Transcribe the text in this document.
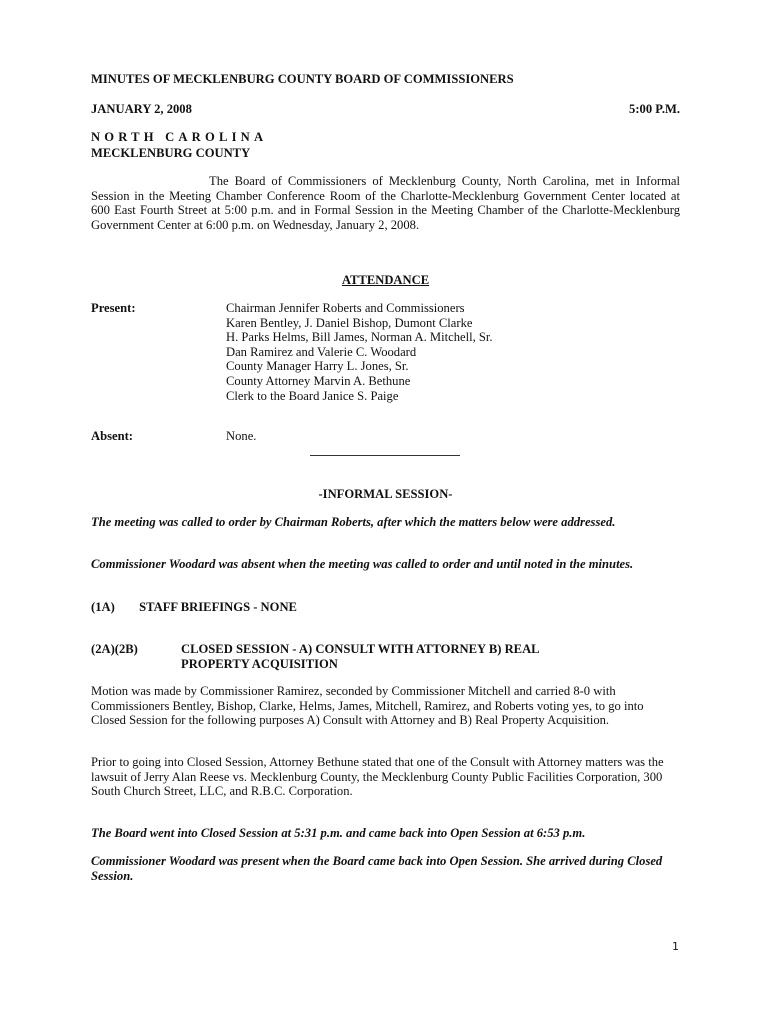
MINUTES OF MECKLENBURG COUNTY BOARD OF COMMISSIONERS
JANUARY 2, 2008	5:00 P.M.
NORTH CAROLINA
MECKLENBURG COUNTY
The Board of Commissioners of Mecklenburg County, North Carolina, met in Informal Session in the Meeting Chamber Conference Room of the Charlotte-Mecklenburg Government Center located at 600 East Fourth Street at 5:00 p.m. and in Formal Session in the Meeting Chamber of the Charlotte-Mecklenburg Government Center at 6:00 p.m. on Wednesday, January 2, 2008.
ATTENDANCE
Present:	Chairman Jennifer Roberts and Commissioners
Karen Bentley, J. Daniel Bishop, Dumont Clarke
H. Parks Helms, Bill James, Norman A. Mitchell, Sr.
Dan Ramirez and Valerie C. Woodard
County Manager Harry L. Jones, Sr.
County Attorney Marvin A. Bethune
Clerk to the Board Janice S. Paige
Absent:	None.
-INFORMAL SESSION-
The meeting was called to order by Chairman Roberts, after which the matters below were addressed.
Commissioner Woodard was absent when the meeting was called to order and until noted in the minutes.
(1A) STAFF BRIEFINGS - NONE
(2A)(2B)	CLOSED SESSION - A) CONSULT WITH ATTORNEY B) REAL
PROPERTY ACQUISITION
Motion was made by Commissioner Ramirez, seconded by Commissioner Mitchell and carried 8-0 with Commissioners Bentley, Bishop, Clarke, Helms, James, Mitchell, Ramirez, and Roberts voting yes, to go into Closed Session for the following purposes A) Consult with Attorney and B) Real Property Acquisition.
Prior to going into Closed Session, Attorney Bethune stated that one of the Consult with Attorney matters was the lawsuit of Jerry Alan Reese vs. Mecklenburg County, the Mecklenburg County Public Facilities Corporation, 300 South Church Street, LLC, and R.B.C. Corporation.
The Board went into Closed Session at 5:31 p.m. and came back into Open Session at 6:53 p.m.
Commissioner Woodard was present when the Board came back into Open Session. She arrived during Closed Session.
1
